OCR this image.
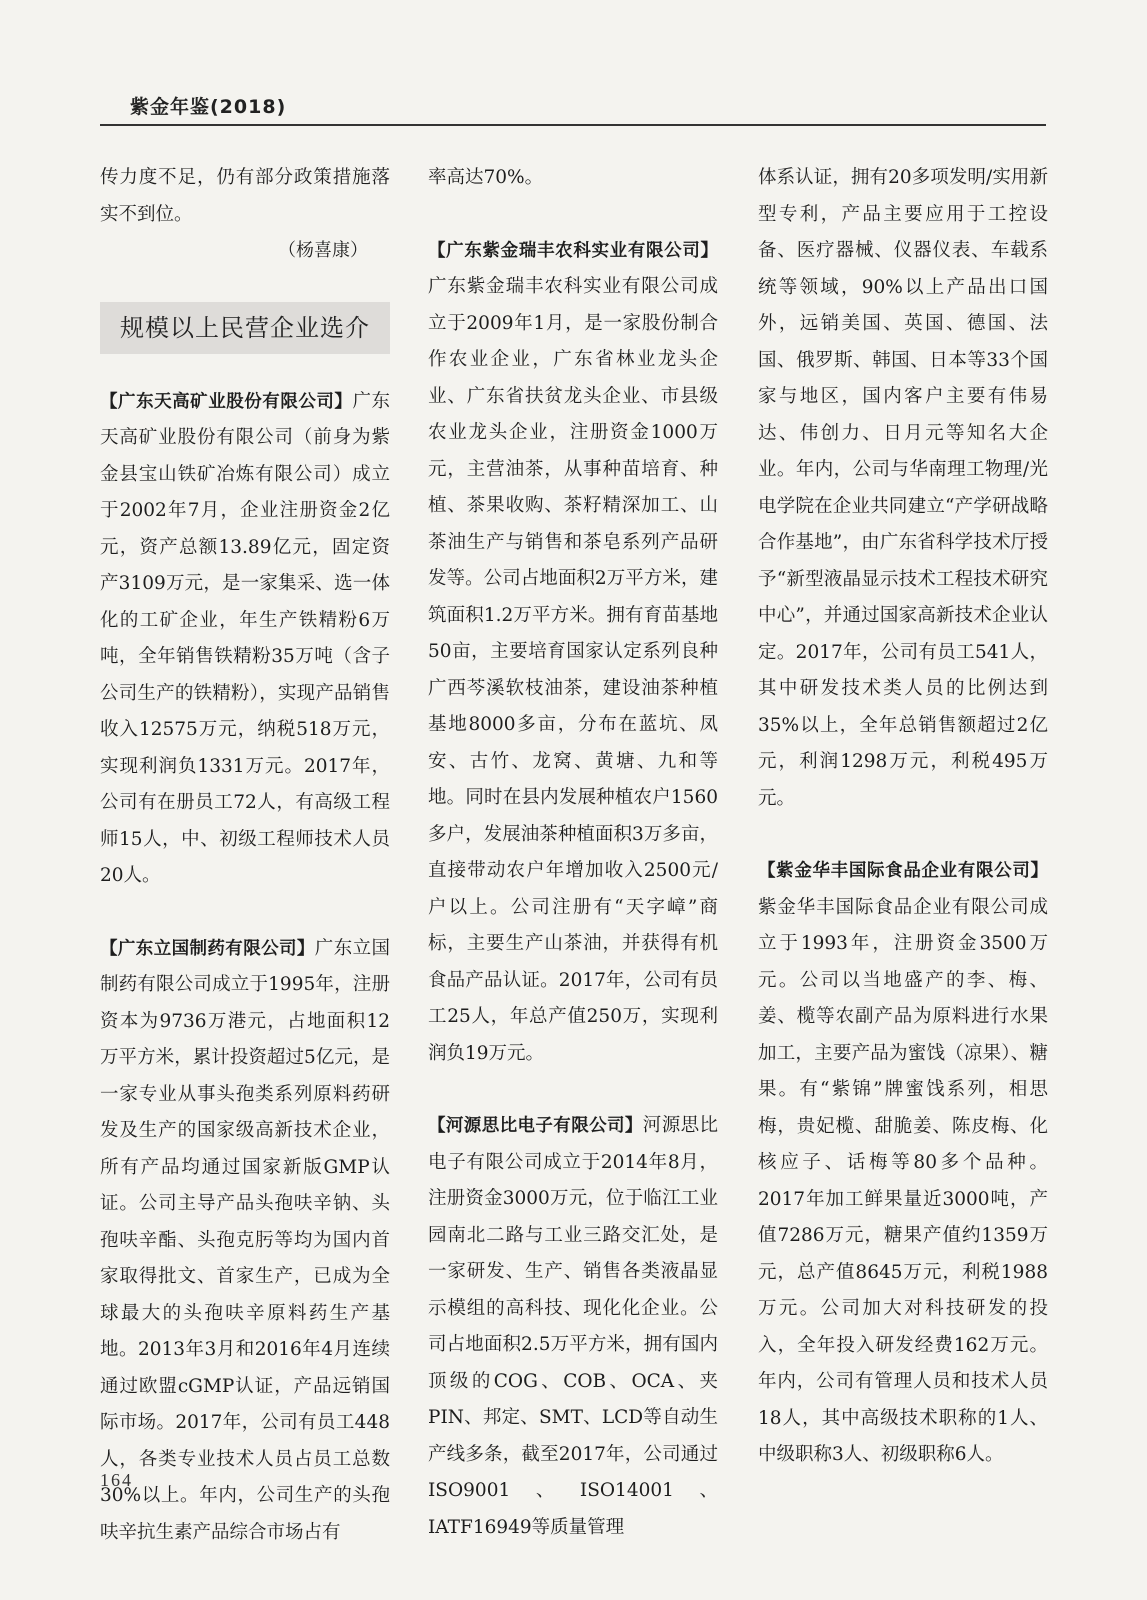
紫金年鉴(2018)

传力度不足，仍有部分政策措施落实不到位。

（杨喜康）

规模以上民营企业选介

【广东天高矿业股份有限公司】广东天高矿业股份有限公司（前身为紫金县宝山铁矿冶炼有限公司）成立于2002年7月，企业注册资金2亿元，资产总额13.89亿元，固定资产3109万元，是一家集采、选一体化的工矿企业，年生产铁精粉6万吨，全年销售铁精粉35万吨（含子公司生产的铁精粉），实现产品销售收入12575万元，纳税518万元，实现利润负1331万元。2017年，公司有在册员工72人，有高级工程师15人，中、初级工程师技术人员20人。

【广东立国制药有限公司】广东立国制药有限公司成立于1995年，注册资本为9736万港元，占地面积12万平方米，累计投资超过5亿元，是一家专业从事头孢类系列原料药研发及生产的国家级高新技术企业，所有产品均通过国家新版GMP认证。公司主导产品头孢呋辛钠、头孢呋辛酯、头孢克肟等均为国内首家取得批文、首家生产，已成为全球最大的头孢呋辛原料药生产基地。2013年3月和2016年4月连续通过欧盟cGMP认证，产品远销国际市场。2017年，公司有员工448人，各类专业技术人员占员工总数30%以上。年内，公司生产的头孢呋辛抗生素产品综合市场占有

率高达70%。

【广东紫金瑞丰农科实业有限公司】广东紫金瑞丰农科实业有限公司成立于2009年1月，是一家股份制合作农业企业，广东省林业龙头企业、广东省扶贫龙头企业、市县级农业龙头企业，注册资金1000万元，主营油茶，从事种苗培育、种植、茶果收购、茶籽精深加工、山茶油生产与销售和茶皂系列产品研发等。公司占地面积2万平方米，建筑面积1.2万平方米。拥有育苗基地50亩，主要培育国家认定系列良种广西芩溪软枝油茶，建设油茶种植基地8000多亩，分布在蓝坑、凤安、古竹、龙窝、黄塘、九和等地。同时在县内发展种植农户1560多户，发展油茶种植面积3万多亩，直接带动农户年增加收入2500元/户以上。公司注册有“天字嶂”商标，主要生产山茶油，并获得有机食品产品认证。2017年，公司有员工25人，年总产值250万，实现利润负19万元。

【河源思比电子有限公司】河源思比电子有限公司成立于2014年8月，注册资金3000万元，位于临江工业园南北二路与工业三路交汇处，是一家研发、生产、销售各类液晶显示模组的高科技、现化化企业。公司占地面积2.5万平方米，拥有国内顶级的COG、COB、OCA、夹PIN、邦定、SMT、LCD等自动生产线多条，截至2017年，公司通过ISO9001、ISO14001、IATF16949等质量管理

体系认证，拥有20多项发明/实用新型专利，产品主要应用于工控设备、医疗器械、仪器仪表、车载系统等领域，90%以上产品出口国外，远销美国、英国、德国、法国、俄罗斯、韩国、日本等33个国家与地区，国内客户主要有伟易达、伟创力、日月元等知名大企业。年内，公司与华南理工物理/光电学院在企业共同建立“产学研战略合作基地”，由广东省科学技术厅授予“新型液晶显示技术工程技术研究中心”，并通过国家高新技术企业认定。2017年，公司有员工541人，其中研发技术类人员的比例达到35%以上，全年总销售额超过2亿元，利润1298万元，利税495万元。

【紫金华丰国际食品企业有限公司】紫金华丰国际食品企业有限公司成立于1993年，注册资金3500万元。公司以当地盛产的李、梅、姜、榄等农副产品为原料进行水果加工，主要产品为蜜饯（凉果）、糖果。有“紫锦”牌蜜饯系列，相思梅，贵妃榄、甜脆姜、陈皮梅、化核应子、话梅等80多个品种。2017年加工鲜果量近3000吨，产值7286万元，糖果产值约1359万元，总产值8645万元，利税1988万元。公司加大对科技研发的投入，全年投入研发经费162万元。年内，公司有管理人员和技术人员18人，其中高级技术职称的1人、中级职称3人、初级职称6人。

164
